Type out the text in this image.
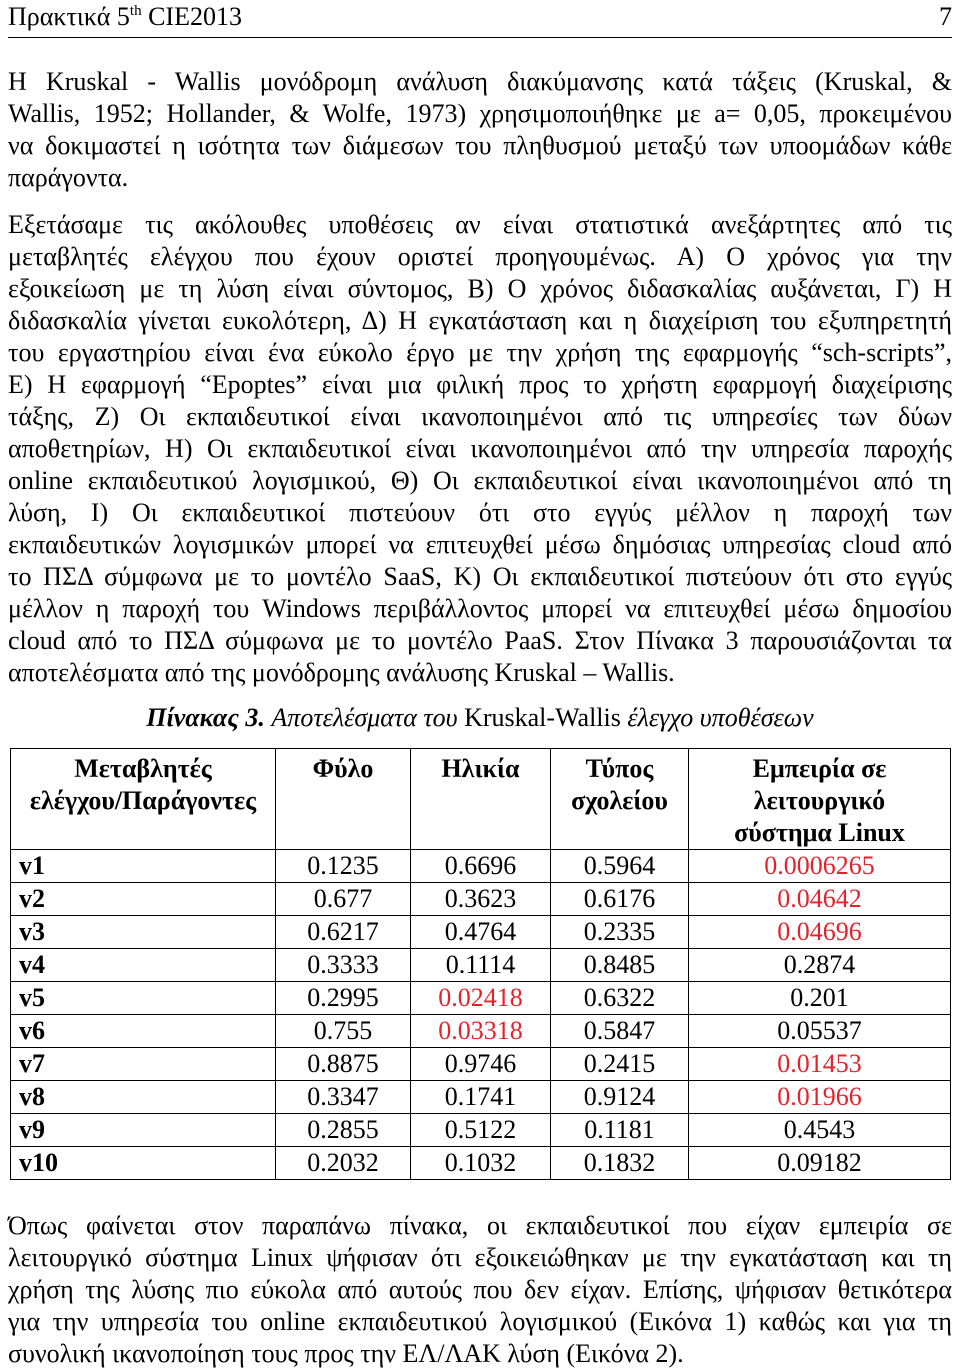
Πρακτικά 5th CIE2013	7
Η Kruskal - Wallis μονόδρομη ανάλυση διακύμανσης κατά τάξεις (Kruskal, &
Wallis, 1952; Hollander, & Wolfe, 1973) χρησιμοποιήθηκε με a= 0,05, προκειμένου
να δοκιμαστεί η ισότητα των διάμεσων του πληθυσμού μεταξύ των υποομάδων κάθε
παράγοντα.
Εξετάσαμε τις ακόλουθες υποθέσεις αν είναι στατιστικά ανεξάρτητες από τις
μεταβλητές ελέγχου που έχουν οριστεί προηγουμένως. Α) Ο χρόνος για την
εξοικείωση με τη λύση είναι σύντομος, Β) Ο χρόνος διδασκαλίας αυξάνεται, Γ) Η
διδασκαλία γίνεται ευκολότερη, Δ) Η εγκατάσταση και η διαχείριση του εξυπηρετητή
του εργαστηρίου είναι ένα εύκολο έργο με την χρήση της εφαρμογής “sch-scripts”,
Ε) Η εφαρμογή “Epoptes” είναι μια φιλική προς το χρήστη εφαρμογή διαχείρισης
τάξης, Ζ) Οι εκπαιδευτικοί είναι ικανοποιημένοι από τις υπηρεσίες των δύων
αποθετηρίων, Η) Οι εκπαιδευτικοί είναι ικανοποιημένοι από την υπηρεσία παροχής
online εκπαιδευτικού λογισμικού, Θ) Οι εκπαιδευτικοί είναι ικανοποιημένοι από τη
λύση, Ι) Οι εκπαιδευτικοί πιστεύουν ότι στο εγγύς μέλλον η παροχή των
εκπαιδευτικών λογισμικών μπορεί να επιτευχθεί μέσω δημόσιας υπηρεσίας cloud από
το ΠΣΔ σύμφωνα με το μοντέλο SaaS, Κ) Οι εκπαιδευτικοί πιστεύουν ότι στο εγγύς
μέλλον η παροχή του Windows περιβάλλοντος μπορεί να επιτευχθεί μέσω δημοσίου
cloud από το ΠΣΔ σύμφωνα με το μοντέλο PaaS. Στον Πίνακα 3 παρουσιάζονται τα
αποτελέσματα από της μονόδρομης ανάλυσης Kruskal – Wallis.
Πίνακας 3. Αποτελέσματα του Kruskal-Wallis έλεγχο υποθέσεων
Μεταβλητές
ελέγχου/Παράγοντες	Φύλο	Ηλικία	Τύπος
σχολείου	Εμπειρία σε
λειτουργικό
σύστημα Linux

v1	0.1235	0.6696	0.5964	0.0006265
v2	0.677	0.3623	0.6176	0.04642
v3	0.6217	0.4764	0.2335	0.04696
v4	0.3333	0.1114	0.8485	0.2874
v5	0.2995	0.02418	0.6322	0.201
v6	0.755	0.03318	0.5847	0.05537
v7	0.8875	0.9746	0.2415	0.01453
v8	0.3347	0.1741	0.9124	0.01966
v9	0.2855	0.5122	0.1181	0.4543
v10	0.2032	0.1032	0.1832	0.09182
Όπως φαίνεται στον παραπάνω πίνακα, οι εκπαιδευτικοί που είχαν εμπειρία σε
λειτουργικό σύστημα Linux ψήφισαν ότι εξοικειώθηκαν με την εγκατάσταση και τη
χρήση της λύσης πιο εύκολα από αυτούς που δεν είχαν. Επίσης, ψήφισαν θετικότερα
για την υπηρεσία του online εκπαιδευτικού λογισμικού (Εικόνα 1) καθώς και για τη
συνολική ικανοποίηση τους προς την ΕΛ/ΛΑΚ λύση (Εικόνα 2).
